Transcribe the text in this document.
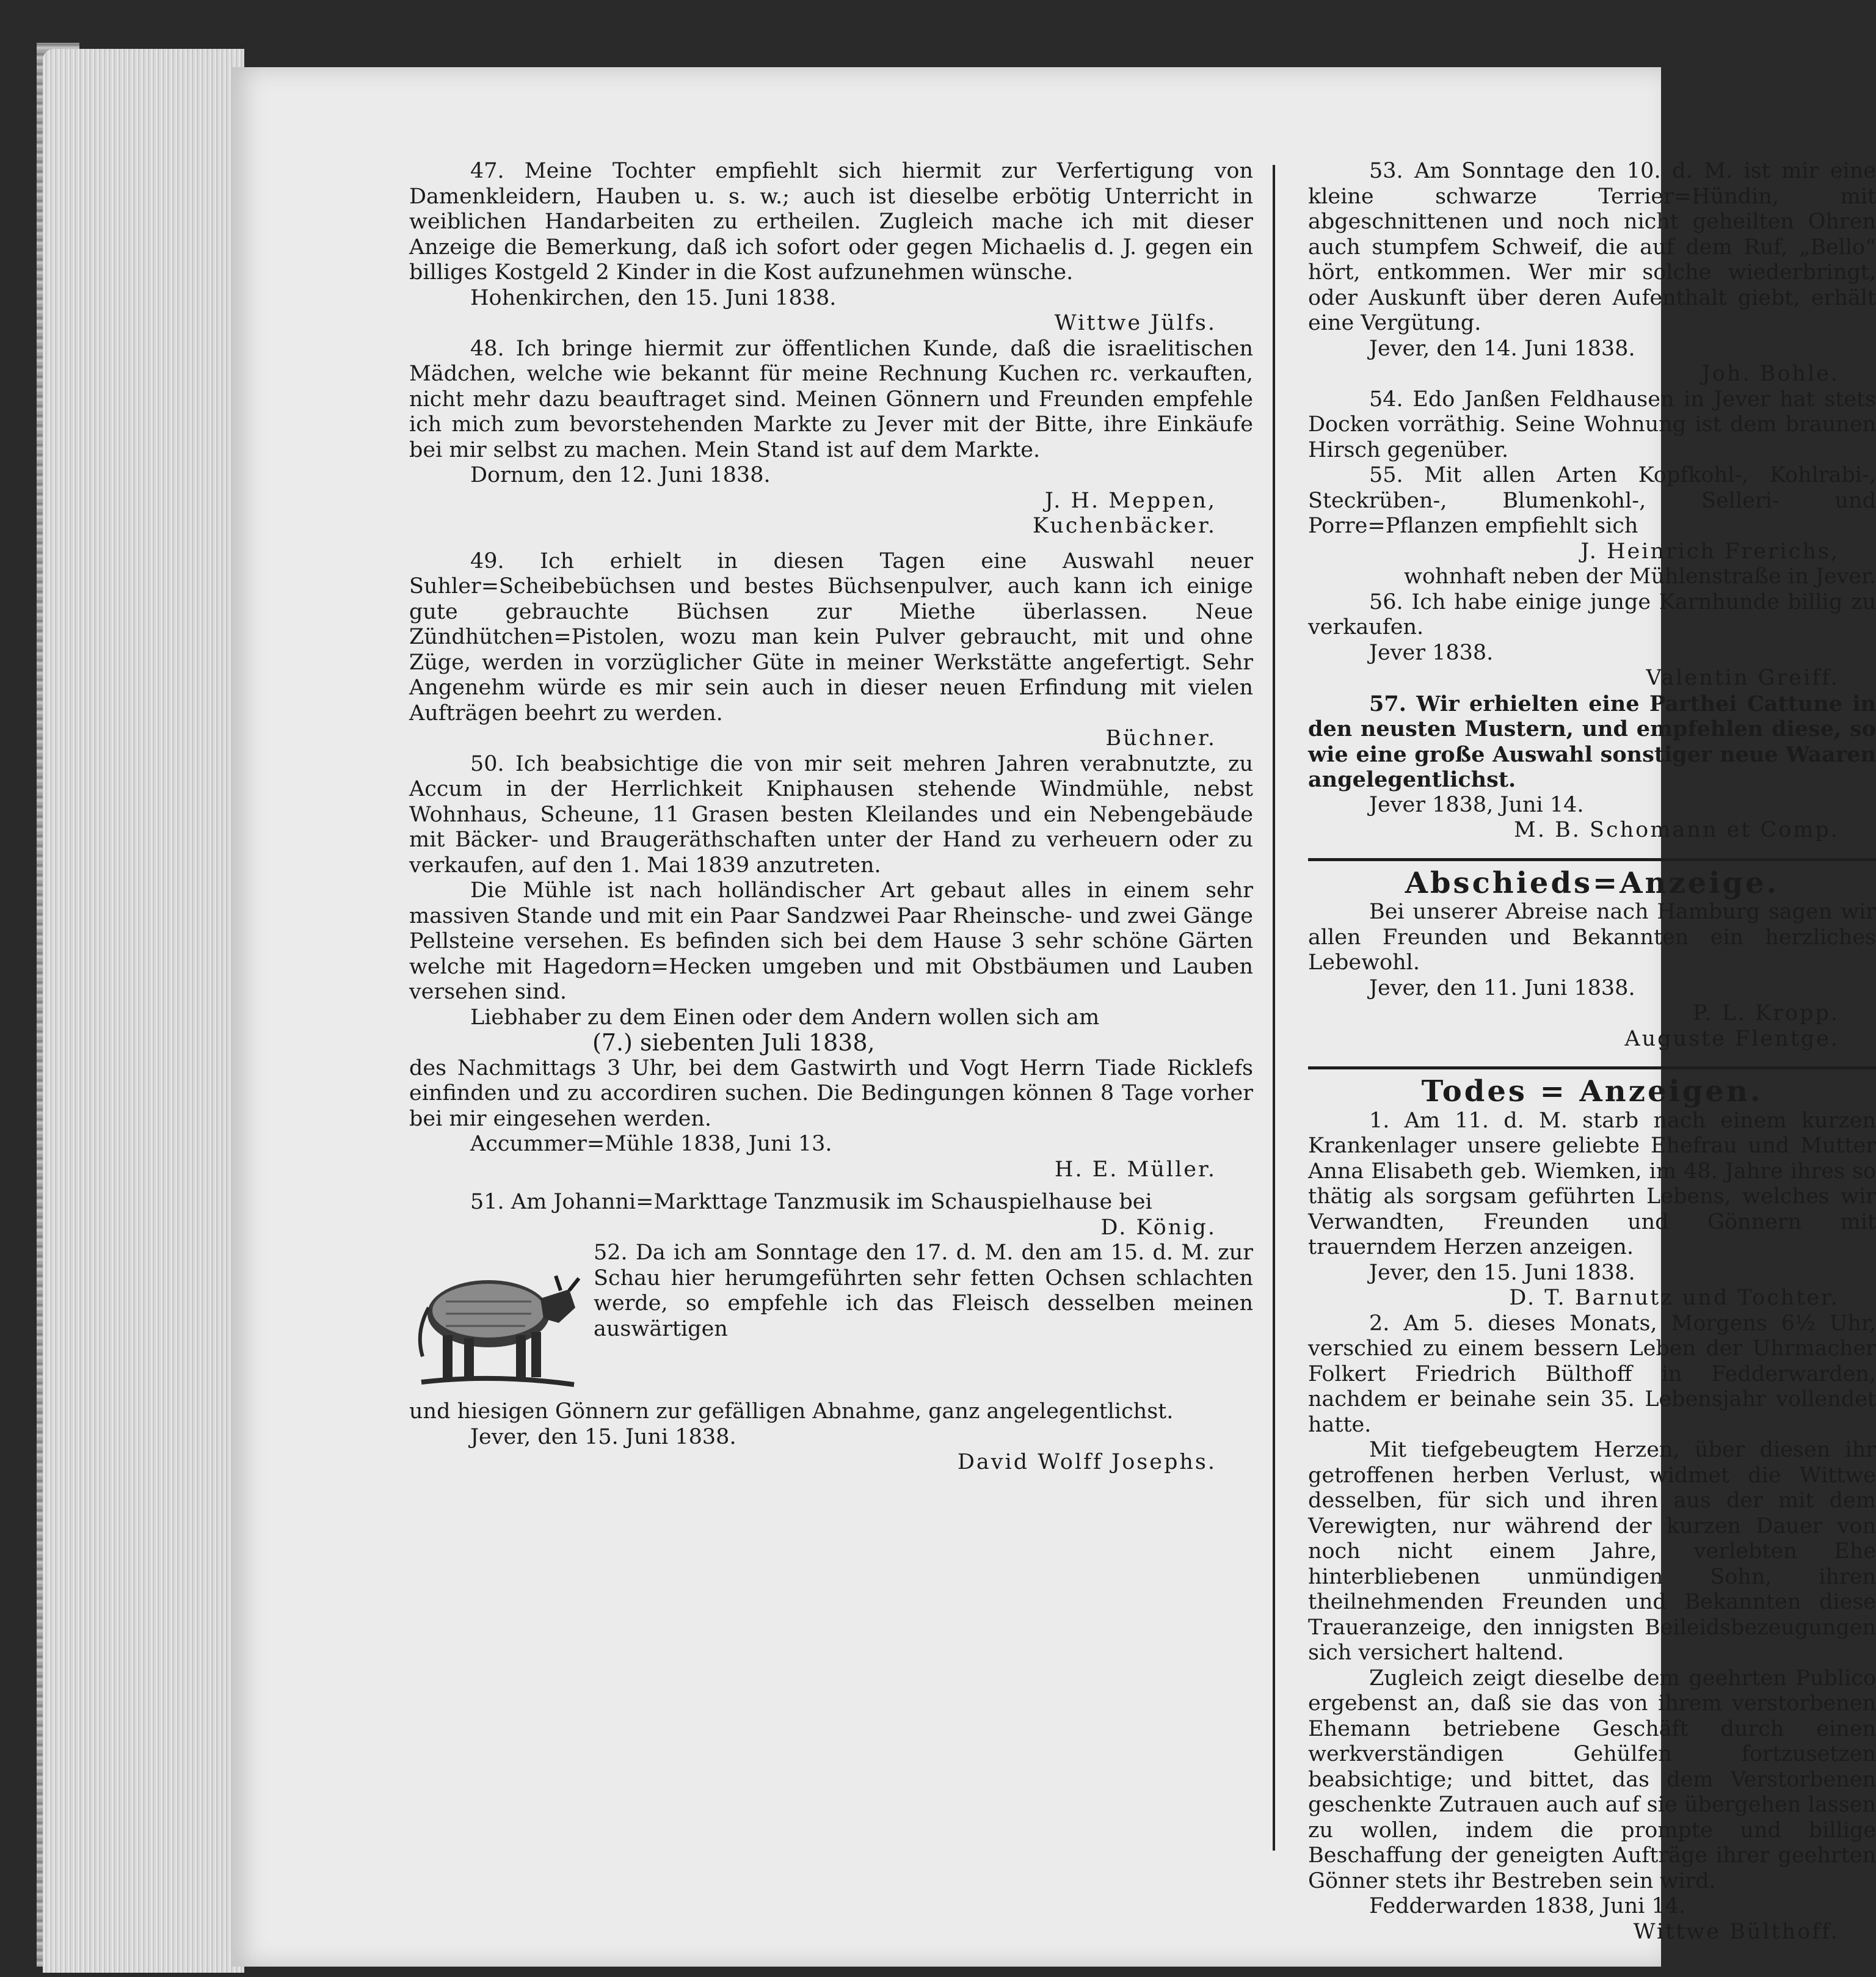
47. Meine Tochter empfiehlt sich hiermit zur Verfertigung von Damenkleidern, Hauben u. s. w.; auch ist dieselbe erbötig Unterricht in weiblichen Handarbeiten zu ertheilen. Zugleich mache ich mit dieser Anzeige die Bemerkung, daß ich sofort oder gegen Michaelis d. J. gegen ein billiges Kostgeld 2 Kinder in die Kost aufzunehmen wünsche.

Hohenkirchen, den 15. Juni 1838.

Wittwe Jülfs.

48. Ich bringe hiermit zur öffentlichen Kunde, daß die israelitischen Mädchen, welche wie bekannt für meine Rechnung Kuchen rc. verkauften, nicht mehr dazu beauftraget sind. Meinen Gönnern und Freunden empfehle ich mich zum bevorstehenden Markte zu Jever mit der Bitte, ihre Einkäufe bei mir selbst zu machen. Mein Stand ist auf dem Markte.

Dornum, den 12. Juni 1838.

J. H. Meppen,

Kuchenbäcker.

49. Ich erhielt in diesen Tagen eine Auswahl neuer Suhler=Scheibebüchsen und bestes Büchsenpulver, auch kann ich einige gute gebrauchte Büchsen zur Miethe überlassen. Neue Zündhütchen=Pistolen, wozu man kein Pulver gebraucht, mit und ohne Züge, werden in vorzüglicher Güte in meiner Werkstätte angefertigt. Sehr Angenehm würde es mir sein auch in dieser neuen Erfindung mit vielen Aufträgen beehrt zu werden.

Büchner.

50. Ich beabsichtige die von mir seit mehren Jahren verabnutzte, zu Accum in der Herrlichkeit Kniphausen stehende Windmühle, nebst Wohnhaus, Scheune, 11 Grasen besten Kleilandes und ein Nebengebäude mit Bäcker- und Braugeräthschaften unter der Hand zu verheuern oder zu verkaufen, auf den 1. Mai 1839 anzutreten.

Die Mühle ist nach holländischer Art gebaut alles in einem sehr massiven Stande und mit ein Paar Sandzwei Paar Rheinsche- und zwei Gänge Pellsteine versehen. Es befinden sich bei dem Hause 3 sehr schöne Gärten welche mit Hagedorn=Hecken umgeben und mit Obstbäumen und Lauben versehen sind.

Liebhaber zu dem Einen oder dem Andern wollen sich am

(7.) siebenten Juli 1838,

des Nachmittags 3 Uhr, bei dem Gastwirth und Vogt Herrn Tiade Ricklefs einfinden und zu accordiren suchen. Die Bedingungen können 8 Tage vorher bei mir eingesehen werden.

Accummer=Mühle 1838, Juni 13.

H. E. Müller.

51. Am Johanni=Markttage Tanzmusik im Schauspielhause bei

D. König.

52. Da ich am Sonntage den 17. d. M. den am 15. d. M. zur Schau hier herumgeführten sehr fetten Ochsen schlachten werde, so empfehle ich das Fleisch desselben meinen auswärtigen

und hiesigen Gönnern zur gefälligen Abnahme, ganz angelegentlichst.

Jever, den 15. Juni 1838.

David Wolff Josephs.

53. Am Sonntage den 10. d. M. ist mir eine kleine schwarze Terrier=Hündin, mit abgeschnittenen und noch nicht geheilten Ohren auch stumpfem Schweif, die auf dem Ruf, „Bello“ hört, entkommen. Wer mir solche wiederbringt, oder Auskunft über deren Aufenthalt giebt, erhält eine Vergütung.

Jever, den 14. Juni 1838.

Joh. Bohle.

54. Edo Janßen Feldhausen in Jever hat stets Docken vorräthig. Seine Wohnung ist dem braunen Hirsch gegenüber.

55. Mit allen Arten Kopfkohl-, Kohlrabi-, Steckrüben-, Blumenkohl-, Selleri- und Porre=Pflanzen empfiehlt sich

J. Heinrich Frerichs,

wohnhaft neben der Mühlenstraße in Jever.

56. Ich habe einige junge Karnhunde billig zu verkaufen.

Jever 1838.

Valentin Greiff.

57. Wir erhielten eine Parthei Cattune in den neusten Mustern, und empfehlen diese, so wie eine große Auswahl sonstiger neue Waaren angelegentlichst.

Jever 1838, Juni 14.

M. B. Schomann et Comp.

Abschieds=Anzeige.

Bei unserer Abreise nach Hamburg sagen wir allen Freunden und Bekannten ein herzliches Lebewohl.

Jever, den 11. Juni 1838.

P. L. Kropp.

Auguste Flentge.

Todes = Anzeigen.

1. Am 11. d. M. starb nach einem kurzen Krankenlager unsere geliebte Ehefrau und Mutter Anna Elisabeth geb. Wiemken, im 48. Jahre ihres so thätig als sorgsam geführten Lebens, welches wir Verwandten, Freunden und Gönnern mit trauerndem Herzen anzeigen.

Jever, den 15. Juni 1838.

D. T. Barnutz und Tochter.

2. Am 5. dieses Monats, Morgens 6½ Uhr, verschied zu einem bessern Leben der Uhrmacher Folkert Friedrich Bülthoff in Fedderwarden, nachdem er beinahe sein 35. Lebensjahr vollendet hatte.

Mit tiefgebeugtem Herzen, über diesen ihr getroffenen herben Verlust, widmet die Wittwe desselben, für sich und ihren aus der mit dem Verewigten, nur während der kurzen Dauer von noch nicht einem Jahre, verlebten Ehe hinterbliebenen unmündigen Sohn, ihren theilnehmenden Freunden und Bekannten diese Traueranzeige, den innigsten Beileidsbezeugungen sich versichert haltend.

Zugleich zeigt dieselbe dem geehrten Publico ergebenst an, daß sie das von ihrem verstorbenen Ehemann betriebene Geschäft durch einen werkverständigen Gehülfen fortzusetzen beabsichtige; und bittet, das dem Verstorbenen geschenkte Zutrauen auch auf sie übergehen lassen zu wollen, indem die prompte und billige Beschaffung der geneigten Aufträge ihrer geehrten Gönner stets ihr Bestreben sein wird.

Fedderwarden 1838, Juni 14.

Wittwe Bülthoff.
